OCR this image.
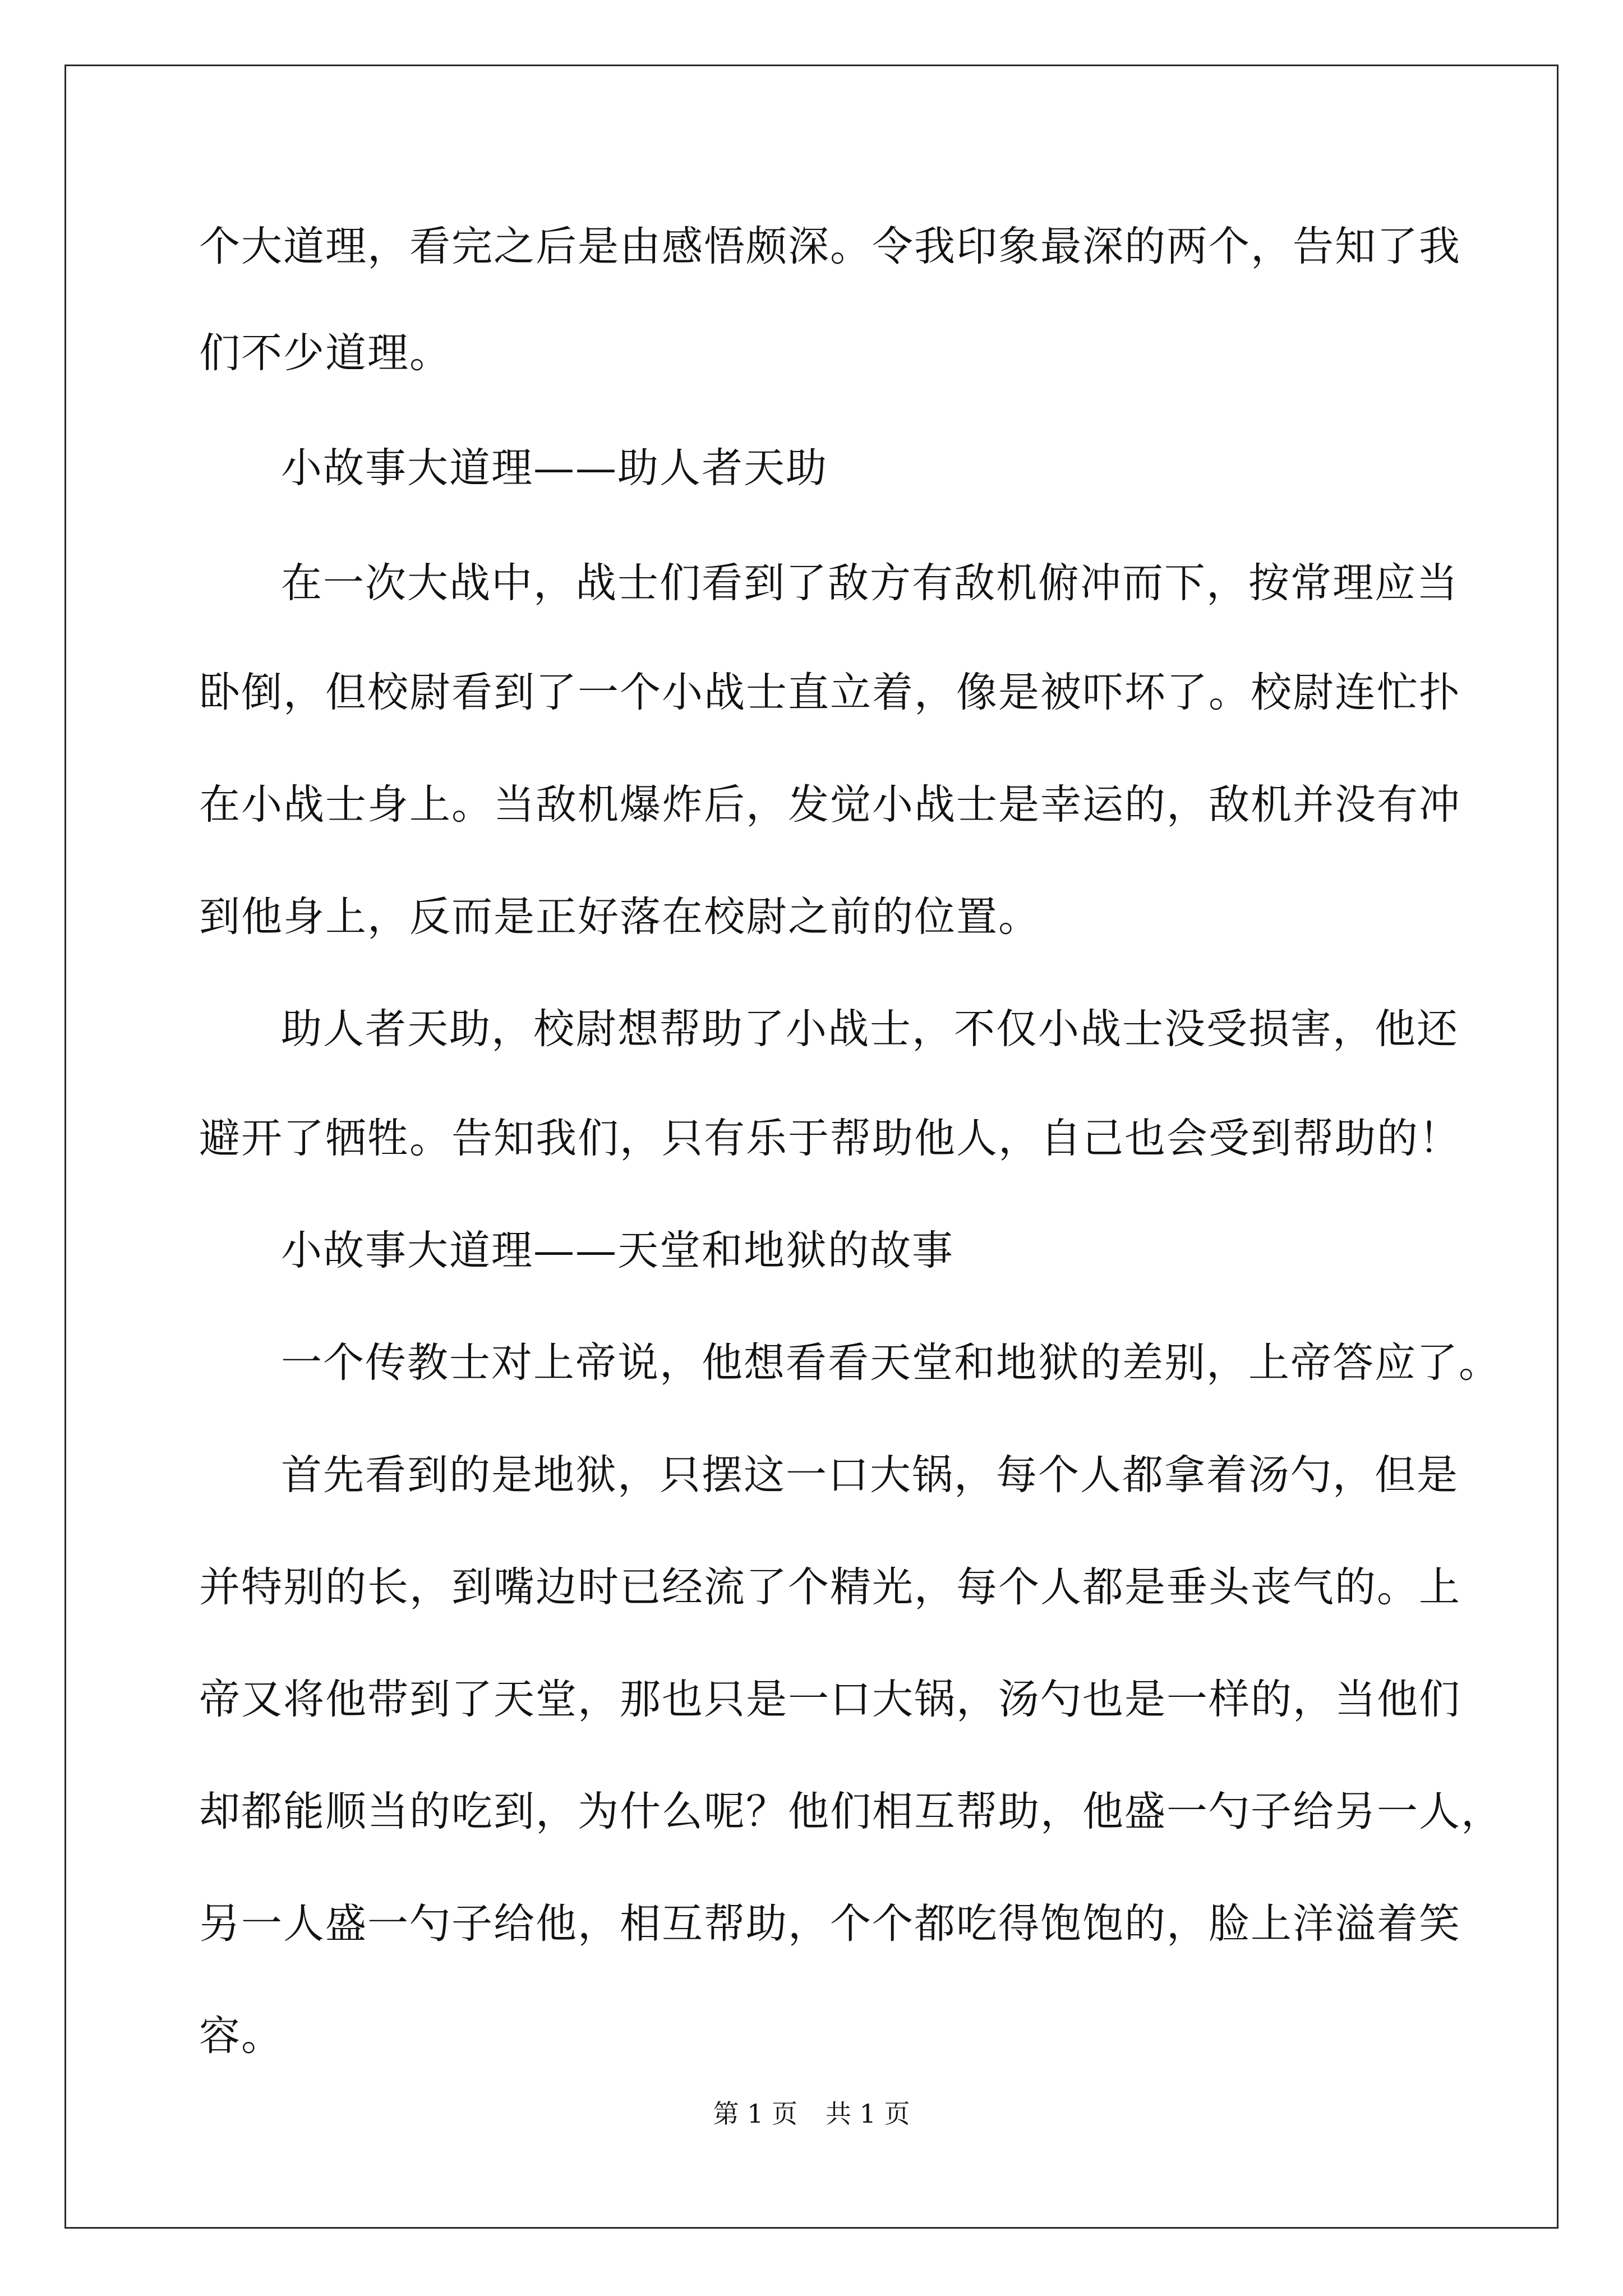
个大道理，看完之后是由感悟颇深。令我印象最深的两个，告知了我
们不少道理。
小故事大道理——助人者天助
在一次大战中，战士们看到了敌方有敌机俯冲而下，按常理应当
卧倒，但校尉看到了一个小战士直立着，像是被吓坏了。校尉连忙扑
在小战士身上。当敌机爆炸后，发觉小战士是幸运的，敌机并没有冲
到他身上，反而是正好落在校尉之前的位置。
助人者天助，校尉想帮助了小战士，不仅小战士没受损害，他还
避开了牺牲。告知我们，只有乐于帮助他人，自己也会受到帮助的！
小故事大道理——天堂和地狱的故事
一个传教士对上帝说，他想看看天堂和地狱的差别，上帝答应了。
首先看到的是地狱，只摆这一口大锅，每个人都拿着汤勺，但是
并特别的长，到嘴边时已经流了个精光，每个人都是垂头丧气的。上
帝又将他带到了天堂，那也只是一口大锅，汤勺也是一样的，当他们
却都能顺当的吃到，为什么呢？他们相互帮助，他盛一勺子给另一人，
另一人盛一勺子给他，相互帮助，个个都吃得饱饱的，脸上洋溢着笑
容。
第 1 页 共 1 页
